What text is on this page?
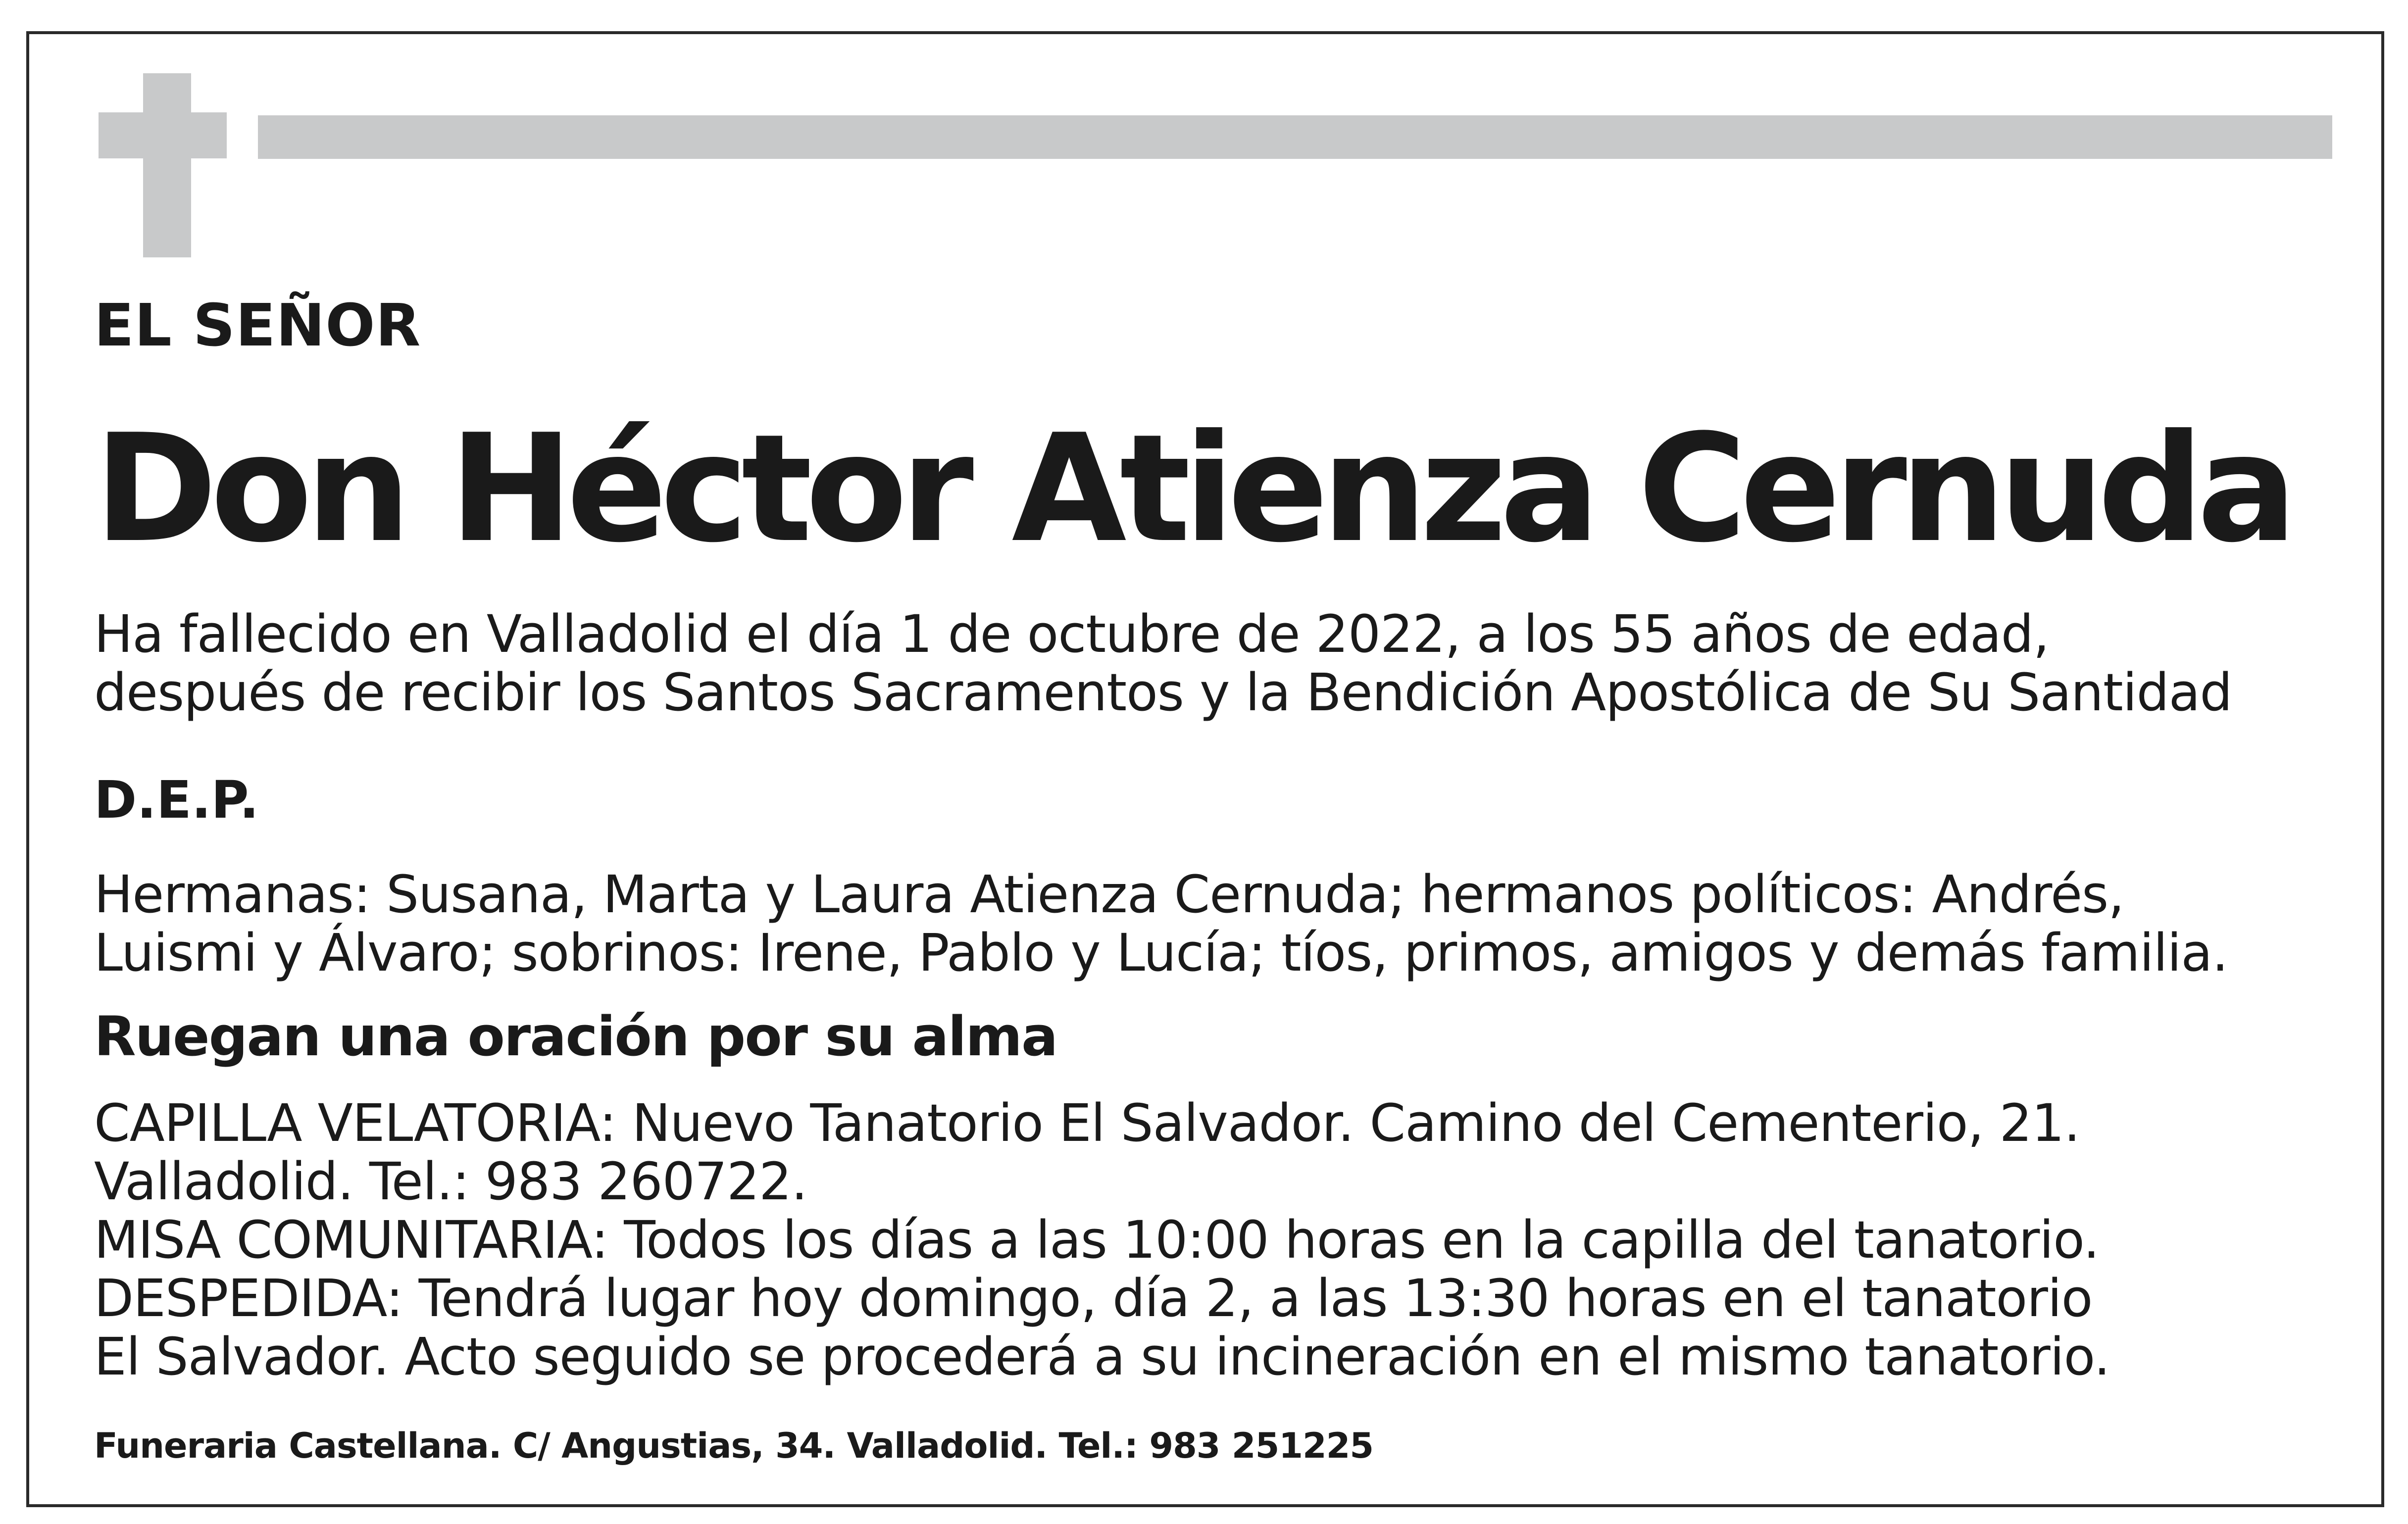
EL SEÑOR
Don Héctor Atienza Cernuda
Ha fallecido en Valladolid el día 1 de octubre de 2022, a los 55 años de edad,
después de recibir los Santos Sacramentos y la Bendición Apostólica de Su Santidad
D.E.P.
Hermanas: Susana, Marta y Laura Atienza Cernuda; hermanos políticos: Andrés,
Luismi y Álvaro; sobrinos: Irene, Pablo y Lucía; tíos, primos, amigos y demás familia.
Ruegan una oración por su alma
CAPILLA VELATORIA: Nuevo Tanatorio El Salvador. Camino del Cementerio, 21.
Valladolid. Tel.: 983 260722.
MISA COMUNITARIA: Todos los días a las 10:00 horas en la capilla del tanatorio.
DESPEDIDA: Tendrá lugar hoy domingo, día 2, a las 13:30 horas en el tanatorio
El Salvador. Acto seguido se procederá a su incineración en el mismo tanatorio.
Funeraria Castellana. C/ Angustias, 34. Valladolid. Tel.: 983 251225
